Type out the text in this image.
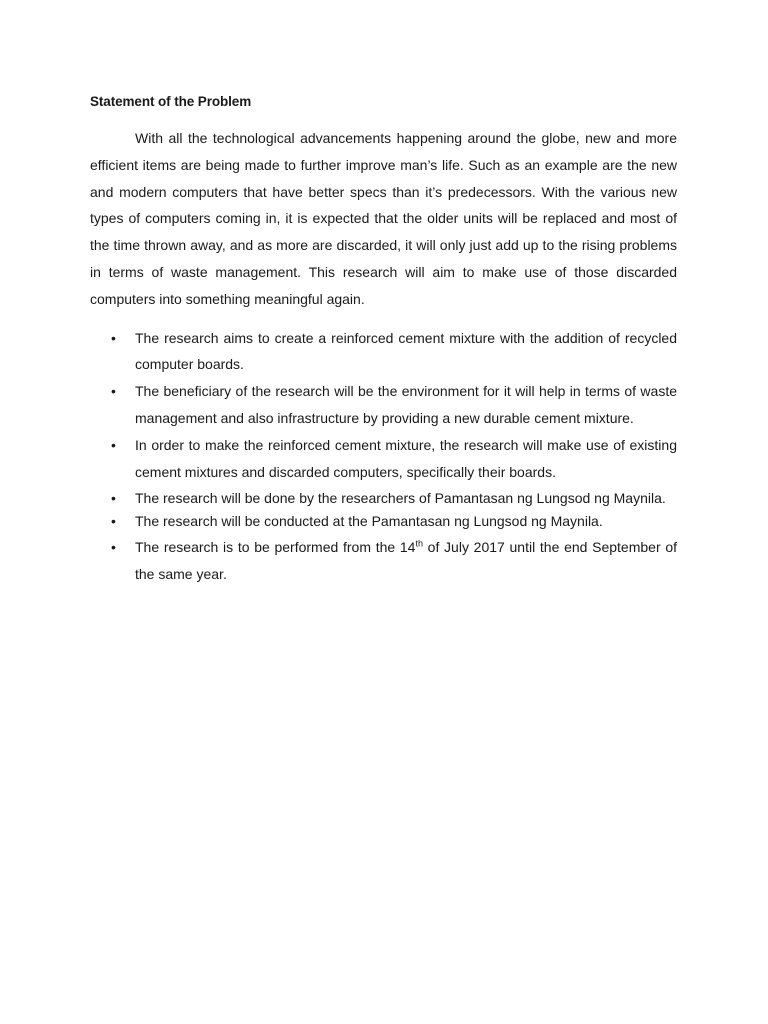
Statement of the Problem

With all the technological advancements happening around the globe, new and more efficient items are being made to further improve man’s life. Such as an example are the new and modern computers that have better specs than it’s predecessors. With the various new types of computers coming in, it is expected that the older units will be replaced and most of the time thrown away, and as more are discarded, it will only just add up to the rising problems in terms of waste management. This research will aim to make use of those discarded computers into something meaningful again.

• The research aims to create a reinforced cement mixture with the addition of recycled computer boards.
• The beneficiary of the research will be the environment for it will help in terms of waste management and also infrastructure by providing a new durable cement mixture.
• In order to make the reinforced cement mixture, the research will make use of existing cement mixtures and discarded computers, specifically their boards.
• The research will be done by the researchers of Pamantasan ng Lungsod ng Maynila.
• The research will be conducted at the Pamantasan ng Lungsod ng Maynila.
• The research is to be performed from the 14th of July 2017 until the end September of the same year.
